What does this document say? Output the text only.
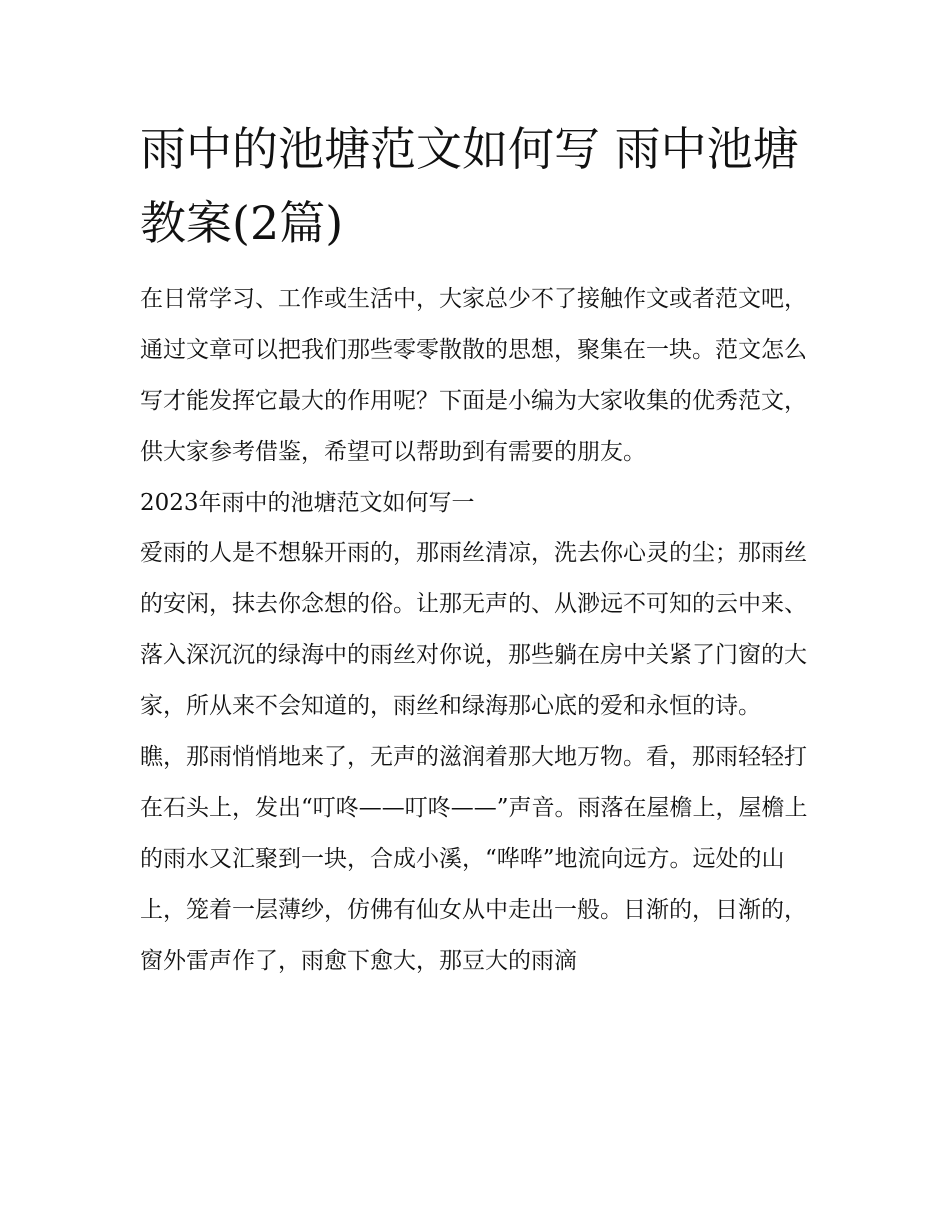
雨中的池塘范文如何写 雨中池塘教案(2篇)

在日常学习、工作或生活中，大家总少不了接触作文或者范文吧，通过文章可以把我们那些零零散散的思想，聚集在一块。范文怎么写才能发挥它最大的作用呢？下面是小编为大家收集的优秀范文，供大家参考借鉴，希望可以帮助到有需要的朋友。

2023年雨中的池塘范文如何写一

爱雨的人是不想躲开雨的，那雨丝清凉，洗去你心灵的尘；那雨丝的安闲，抹去你念想的俗。让那无声的、从渺远不可知的云中来、落入深沉沉的绿海中的雨丝对你说，那些躺在房中关紧了门窗的大家，所从来不会知道的，雨丝和绿海那心底的爱和永恒的诗。

瞧，那雨悄悄地来了，无声的滋润着那大地万物。看，那雨轻轻打在石头上，发出“叮咚——叮咚——”声音。雨落在屋檐上，屋檐上的雨水又汇聚到一块，合成小溪，“哗哗”地流向远方。远处的山上，笼着一层薄纱，仿佛有仙女从中走出一般。日渐的，日渐的，窗外雷声作了，雨愈下愈大，那豆大的雨滴
